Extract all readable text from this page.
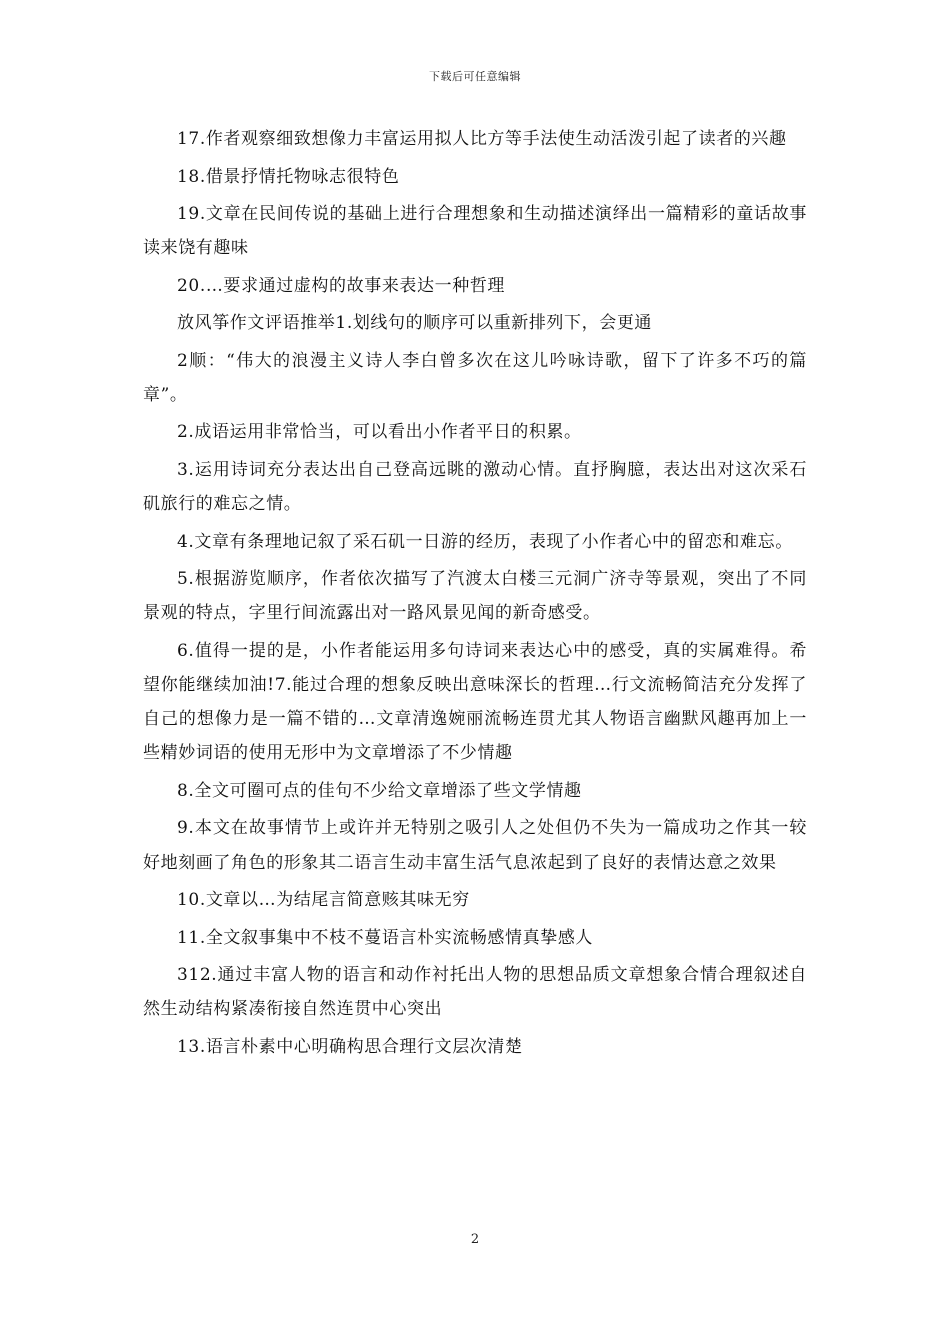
下载后可任意编辑

17.作者观察细致想像力丰富运用拟人比方等手法使生动活泼引起了读者的兴趣

18.借景抒情托物咏志很特色

19.文章在民间传说的基础上进行合理想象和生动描述演绎出一篇精彩的童话故事读来饶有趣味

20.…要求通过虚构的故事来表达一种哲理

放风筝作文评语推举1.划线句的顺序可以重新排列下，会更通

2顺：“伟大的浪漫主义诗人李白曾多次在这儿吟咏诗歌，留下了许多不巧的篇章”。

2.成语运用非常恰当，可以看出小作者平日的积累。

3.运用诗词充分表达出自己登高远眺的激动心情。直抒胸臆，表达出对这次采石矶旅行的难忘之情。

4.文章有条理地记叙了采石矶一日游的经历，表现了小作者心中的留恋和难忘。

5.根据游览顺序，作者依次描写了汽渡太白楼三元洞广济寺等景观，突出了不同景观的特点，字里行间流露出对一路风景见闻的新奇感受。

6.值得一提的是，小作者能运用多句诗词来表达心中的感受，真的实属难得。希望你能继续加油!7.能过合理的想象反映出意味深长的哲理…行文流畅简洁充分发挥了自己的想像力是一篇不错的…文章清逸婉丽流畅连贯尤其人物语言幽默风趣再加上一些精妙词语的使用无形中为文章增添了不少情趣

8.全文可圈可点的佳句不少给文章增添了些文学情趣

9.本文在故事情节上或许并无特别之吸引人之处但仍不失为一篇成功之作其一较好地刻画了角色的形象其二语言生动丰富生活气息浓起到了良好的表情达意之效果

10.文章以…为结尾言简意赅其味无穷

11.全文叙事集中不枝不蔓语言朴实流畅感情真挚感人

312.通过丰富人物的语言和动作衬托出人物的思想品质文章想象合情合理叙述自然生动结构紧凑衔接自然连贯中心突出

13.语言朴素中心明确构思合理行文层次清楚

2
